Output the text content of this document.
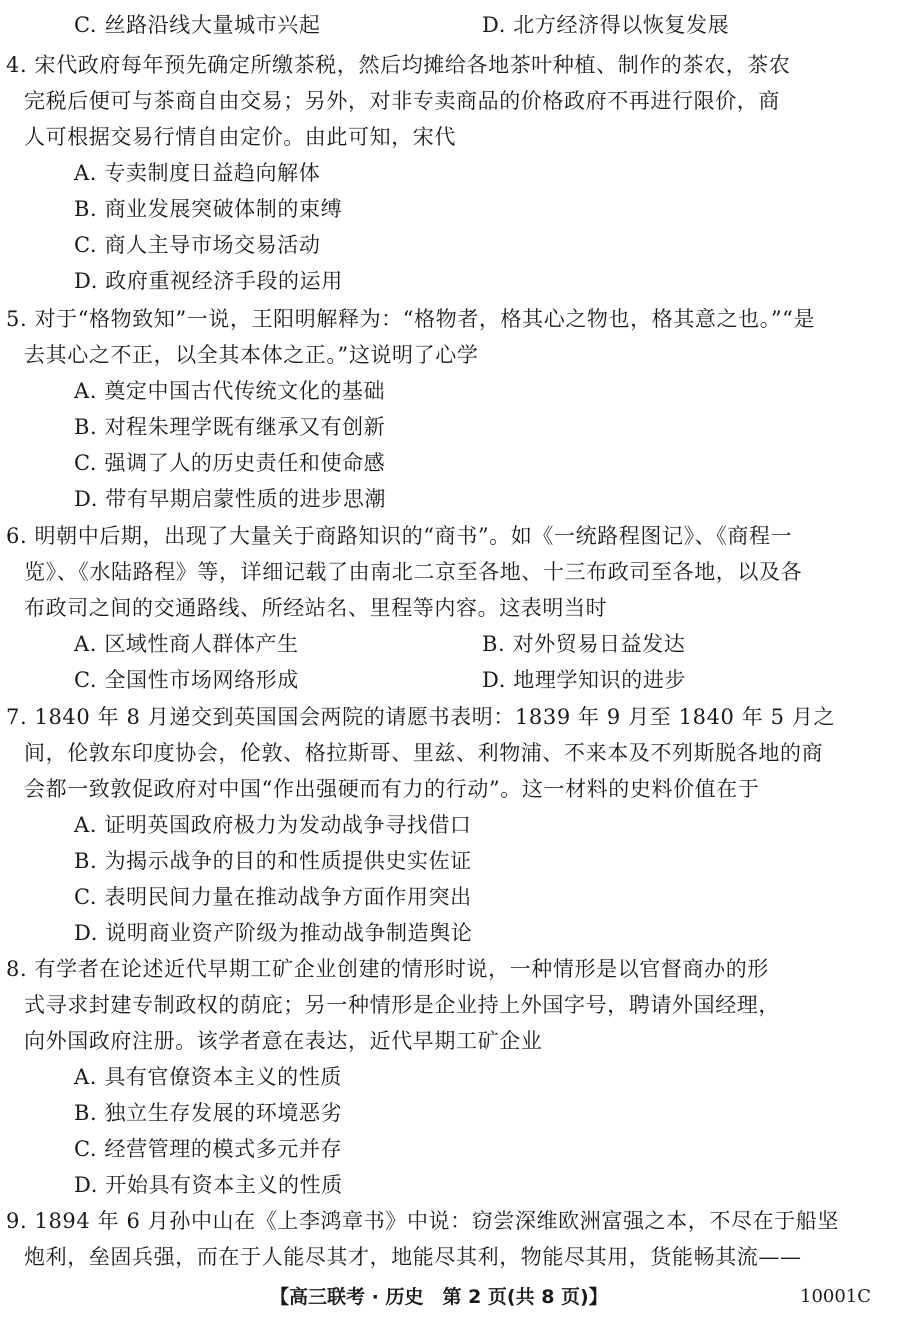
C. 丝路沿线大量城市兴起	D. 北方经济得以恢复发展
4. 宋代政府每年预先确定所缴茶税，然后均摊给各地茶叶种植、制作的茶农，茶农
完税后便可与茶商自由交易；另外，对非专卖商品的价格政府不再进行限价，商
人可根据交易行情自由定价。由此可知，宋代
A. 专卖制度日益趋向解体
B. 商业发展突破体制的束缚
C. 商人主导市场交易活动
D. 政府重视经济手段的运用
5. 对于“格物致知”一说，王阳明解释为：“格物者，格其心之物也，格其意之也。”“是
去其心之不正，以全其本体之正。”这说明了心学
A. 奠定中国古代传统文化的基础
B. 对程朱理学既有继承又有创新
C. 强调了人的历史责任和使命感
D. 带有早期启蒙性质的进步思潮
6. 明朝中后期，出现了大量关于商路知识的“商书”。如《一统路程图记》、《商程一
览》、《水陆路程》等，详细记载了由南北二京至各地、十三布政司至各地，以及各
布政司之间的交通路线、所经站名、里程等内容。这表明当时
A. 区域性商人群体产生	B. 对外贸易日益发达
C. 全国性市场网络形成	D. 地理学知识的进步
7. 1840 年 8 月递交到英国国会两院的请愿书表明：1839 年 9 月至 1840 年 5 月之
间，伦敦东印度协会，伦敦、格拉斯哥、里兹、利物浦、不来本及不列斯脱各地的商
会都一致敦促政府对中国“作出强硬而有力的行动”。这一材料的史料价值在于
A. 证明英国政府极力为发动战争寻找借口
B. 为揭示战争的目的和性质提供史实佐证
C. 表明民间力量在推动战争方面作用突出
D. 说明商业资产阶级为推动战争制造舆论
8. 有学者在论述近代早期工矿企业创建的情形时说，一种情形是以官督商办的形
式寻求封建专制政权的荫庇；另一种情形是企业持上外国字号，聘请外国经理，
向外国政府注册。该学者意在表达，近代早期工矿企业
A. 具有官僚资本主义的性质
B. 独立生存发展的环境恶劣
C. 经营管理的模式多元并存
D. 开始具有资本主义的性质
9. 1894 年 6 月孙中山在《上李鸿章书》中说：窃尝深维欧洲富强之本，不尽在于船坚
炮利，垒固兵强，而在于人能尽其才，地能尽其利，物能尽其用，货能畅其流——
【高三联考 · 历史　第 2 页(共 8 页)】	10001C
